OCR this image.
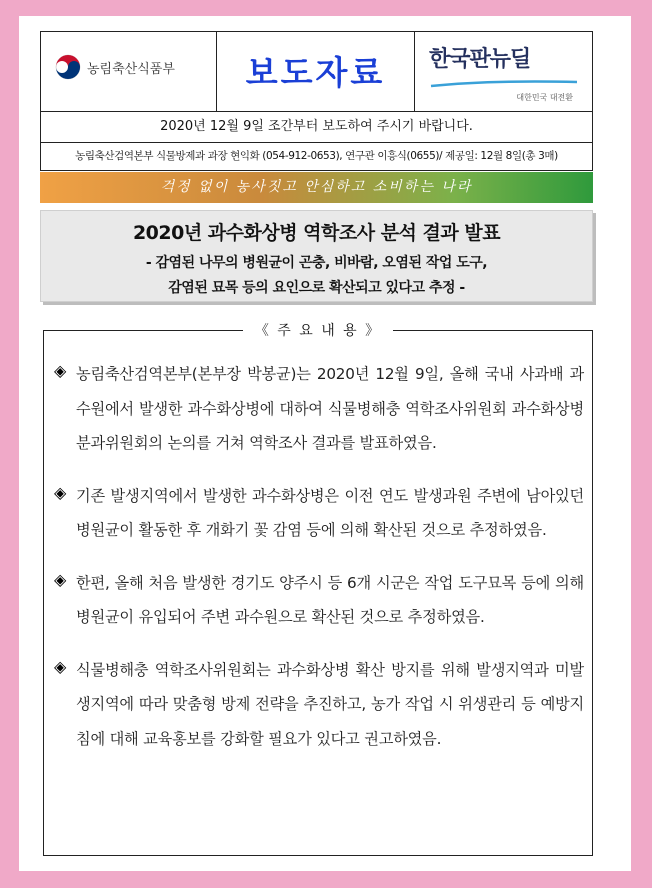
농림축산식품부	보도자료	한국판뉴딜
대한민국 대전환
2020년 12월 9일 조간부터 보도하여 주시기 바랍니다.
농림축산검역본부 식물방제과 과장 현익화 (054-912-0653), 연구관 이흥식(0655)/ 제공일: 12월 8일(총 3매)
걱정 없이 농사짓고 안심하고 소비하는 나라
2020년 과수화상병 역학조사 분석 결과 발표
- 감염된 나무의 병원균이 곤충, 비바람, 오염된 작업 도구,
감염된 묘목 등의 요인으로 확산되고 있다고 추정 -
《 주 요 내 용 》
◈ 농림축산검역본부(본부장 박봉균)는 2020년 12월 9일, 올해 국내 사과배 과수원에서 발생한 과수화상병에 대하여 식물병해충 역학조사위원회 과수화상병분과위원회의 논의를 거쳐 역학조사 결과를 발표하였음.
◈ 기존 발생지역에서 발생한 과수화상병은 이전 연도 발생과원 주변에 남아있던 병원균이 활동한 후 개화기 꽃 감염 등에 의해 확산된 것으로 추정하였음.
◈ 한편, 올해 처음 발생한 경기도 양주시 등 6개 시군은 작업 도구묘목 등에 의해 병원균이 유입되어 주변 과수원으로 확산된 것으로 추정하였음.
◈ 식물병해충 역학조사위원회는 과수화상병 확산 방지를 위해 발생지역과 미발생지역에 따라 맞춤형 방제 전략을 추진하고, 농가 작업 시 위생관리 등 예방지침에 대해 교육홍보를 강화할 필요가 있다고 권고하였음.
